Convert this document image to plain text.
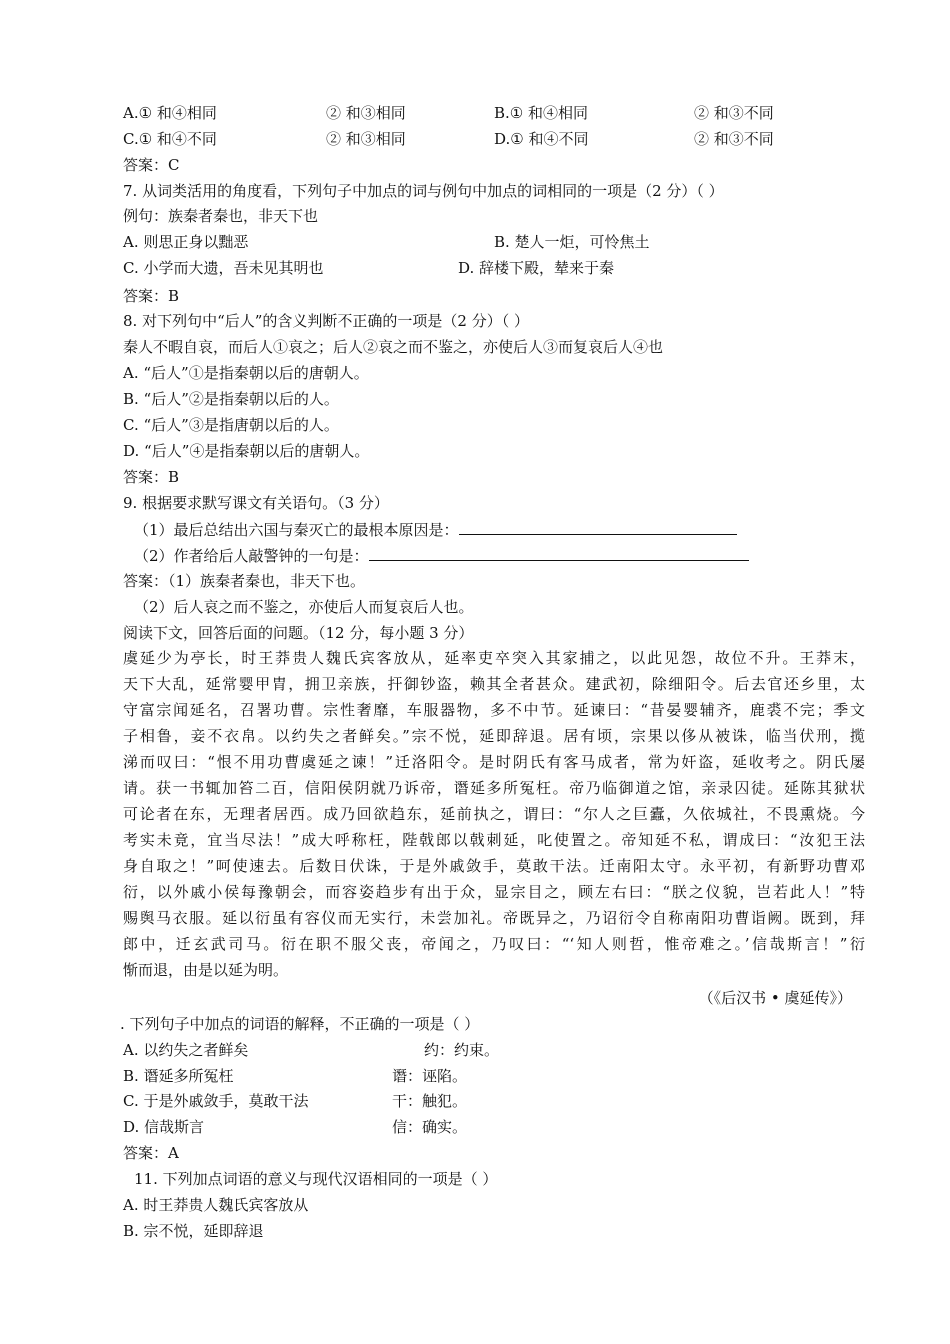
A.① 和④相同	② 和③相同	B.① 和④相同	② 和③不同
C.① 和④不同	② 和③相同	D.① 和④不同	② 和③不同
答案：C
7. 从词类活用的角度看，下列句子中加点的词与例句中加点的词相同的一项是（2 分）（ ）
例句：族秦者秦也，非天下也
A. 则思正身以黜恶	B. 楚人一炬，可怜焦土
C. 小学而大遗，吾未见其明也	D. 辞楼下殿，辇来于秦
答案：B
8. 对下列句中“后人”的含义判断不正确的一项是（2 分）（ ）
秦人不暇自哀，而后人①哀之；后人②哀之而不鉴之，亦使后人③而复哀后人④也
A. “后人”①是指秦朝以后的唐朝人。
B. “后人”②是指秦朝以后的人。
C. “后人”③是指唐朝以后的人。
D. “后人”④是指秦朝以后的唐朝人。
答案：B
9. 根据要求默写课文有关语句。（3 分）
（1）最后总结出六国与秦灭亡的最根本原因是：
（2）作者给后人敲警钟的一句是：
答案：（1）族秦者秦也，非天下也。
（2）后人哀之而不鉴之，亦使后人而复哀后人也。
阅读下文，回答后面的问题。（12 分，每小题 3 分）
虞延少为亭长，时王莽贵人魏氏宾客放从，延率吏卒突入其家捕之，以此见怨，故位不升。王莽末，
天下大乱，延常婴甲胄，拥卫亲族，扞御钞盗，赖其全者甚众。建武初，除细阳令。后去官还乡里，太
守富宗闻延名，召署功曹。宗性奢靡，车服器物，多不中节。延谏曰：“昔晏婴辅齐，鹿裘不完；季文
子相鲁，妾不衣帛。以约失之者鲜矣。”宗不悦，延即辞退。居有顷，宗果以侈从被诛，临当伏刑，揽
涕而叹曰：“恨不用功曹虞延之谏！”迁洛阳令。是时阴氏有客马成者，常为奸盗，延收考之。阴氏屡
请。获一书辄加笞二百，信阳侯阴就乃诉帝，谮延多所冤枉。帝乃临御道之馆，亲录囚徒。延陈其狱状
可论者在东，无理者居西。成乃回欲趋东，延前执之，谓曰：“尔人之巨蠹，久依城社，不畏熏烧。今
考实未竟，宜当尽法！”成大呼称枉，陛戟郎以戟刺延，叱使置之。帝知延不私，谓成曰：“汝犯王法
身自取之！”呵使速去。后数日伏诛，于是外戚敛手，莫敢干法。迁南阳太守。永平初，有新野功曹邓
衍，以外戚小侯每豫朝会，而容姿趋步有出于众，显宗目之，顾左右曰：“朕之仪貌，岂若此人！”特
赐舆马衣服。延以衍虽有容仪而无实行，未尝加礼。帝既异之，乃诏衍令自称南阳功曹诣阙。既到，拜
郎中，迁玄武司马。衍在职不服父丧，帝闻之，乃叹曰：“‘知人则哲，惟帝难之。’信哉斯言！”衍
惭而退，由是以延为明。
（《后汉书 • 虞延传》）
. 下列句子中加点的词语的解释，不正确的一项是（ ）
A. 以约失之者鲜矣	约：约束。
B. 谮延多所冤枉	谮：诬陷。
C. 于是外戚敛手，莫敢干法	干：触犯。
D. 信哉斯言	信：确实。
答案：A
11. 下列加点词语的意义与现代汉语相同的一项是（ ）
A. 时王莽贵人魏氏宾客放从
B. 宗不悦，延即辞退
